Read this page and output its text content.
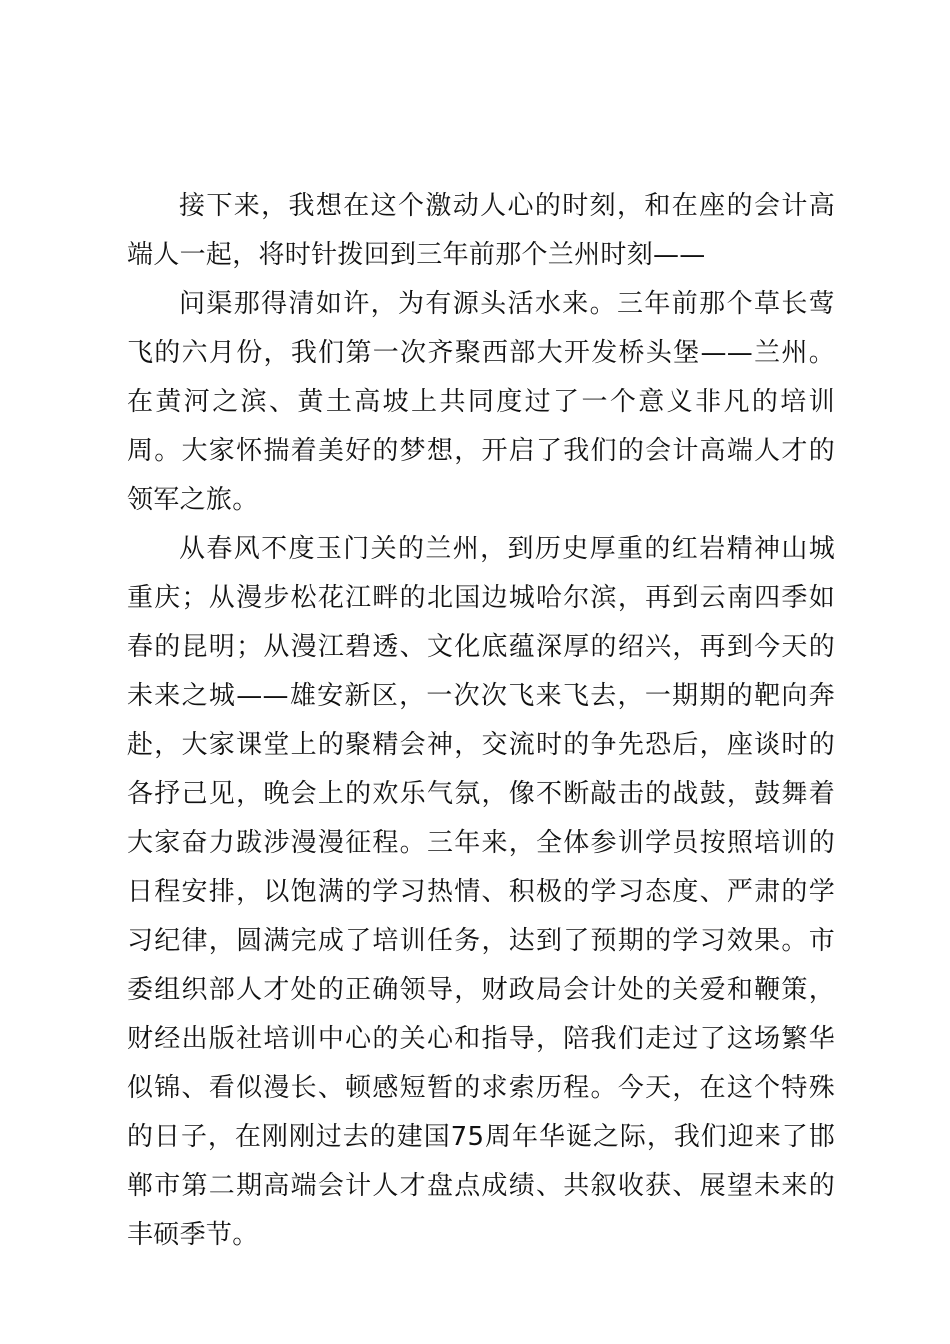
接下来，我想在这个激动人心的时刻，和在座的会计高端人一起，将时针拨回到三年前那个兰州时刻——

问渠那得清如许，为有源头活水来。三年前那个草长莺飞的六月份，我们第一次齐聚西部大开发桥头堡——兰州。在黄河之滨、黄土高坡上共同度过了一个意义非凡的培训周。大家怀揣着美好的梦想，开启了我们的会计高端人才的领军之旅。

从春风不度玉门关的兰州，到历史厚重的红岩精神山城重庆；从漫步松花江畔的北国边城哈尔滨，再到云南四季如春的昆明；从漫江碧透、文化底蕴深厚的绍兴，再到今天的未来之城——雄安新区，一次次飞来飞去，一期期的靶向奔赴，大家课堂上的聚精会神，交流时的争先恐后，座谈时的各抒己见，晚会上的欢乐气氛，像不断敲击的战鼓，鼓舞着大家奋力跋涉漫漫征程。三年来，全体参训学员按照培训的日程安排，以饱满的学习热情、积极的学习态度、严肃的学习纪律，圆满完成了培训任务，达到了预期的学习效果。市委组织部人才处的正确领导，财政局会计处的关爱和鞭策，财经出版社培训中心的关心和指导，陪我们走过了这场繁华似锦、看似漫长、顿感短暂的求索历程。今天，在这个特殊的日子，在刚刚过去的建国75周年华诞之际，我们迎来了邯郸市第二期高端会计人才盘点成绩、共叙收获、展望未来的丰硕季节。
